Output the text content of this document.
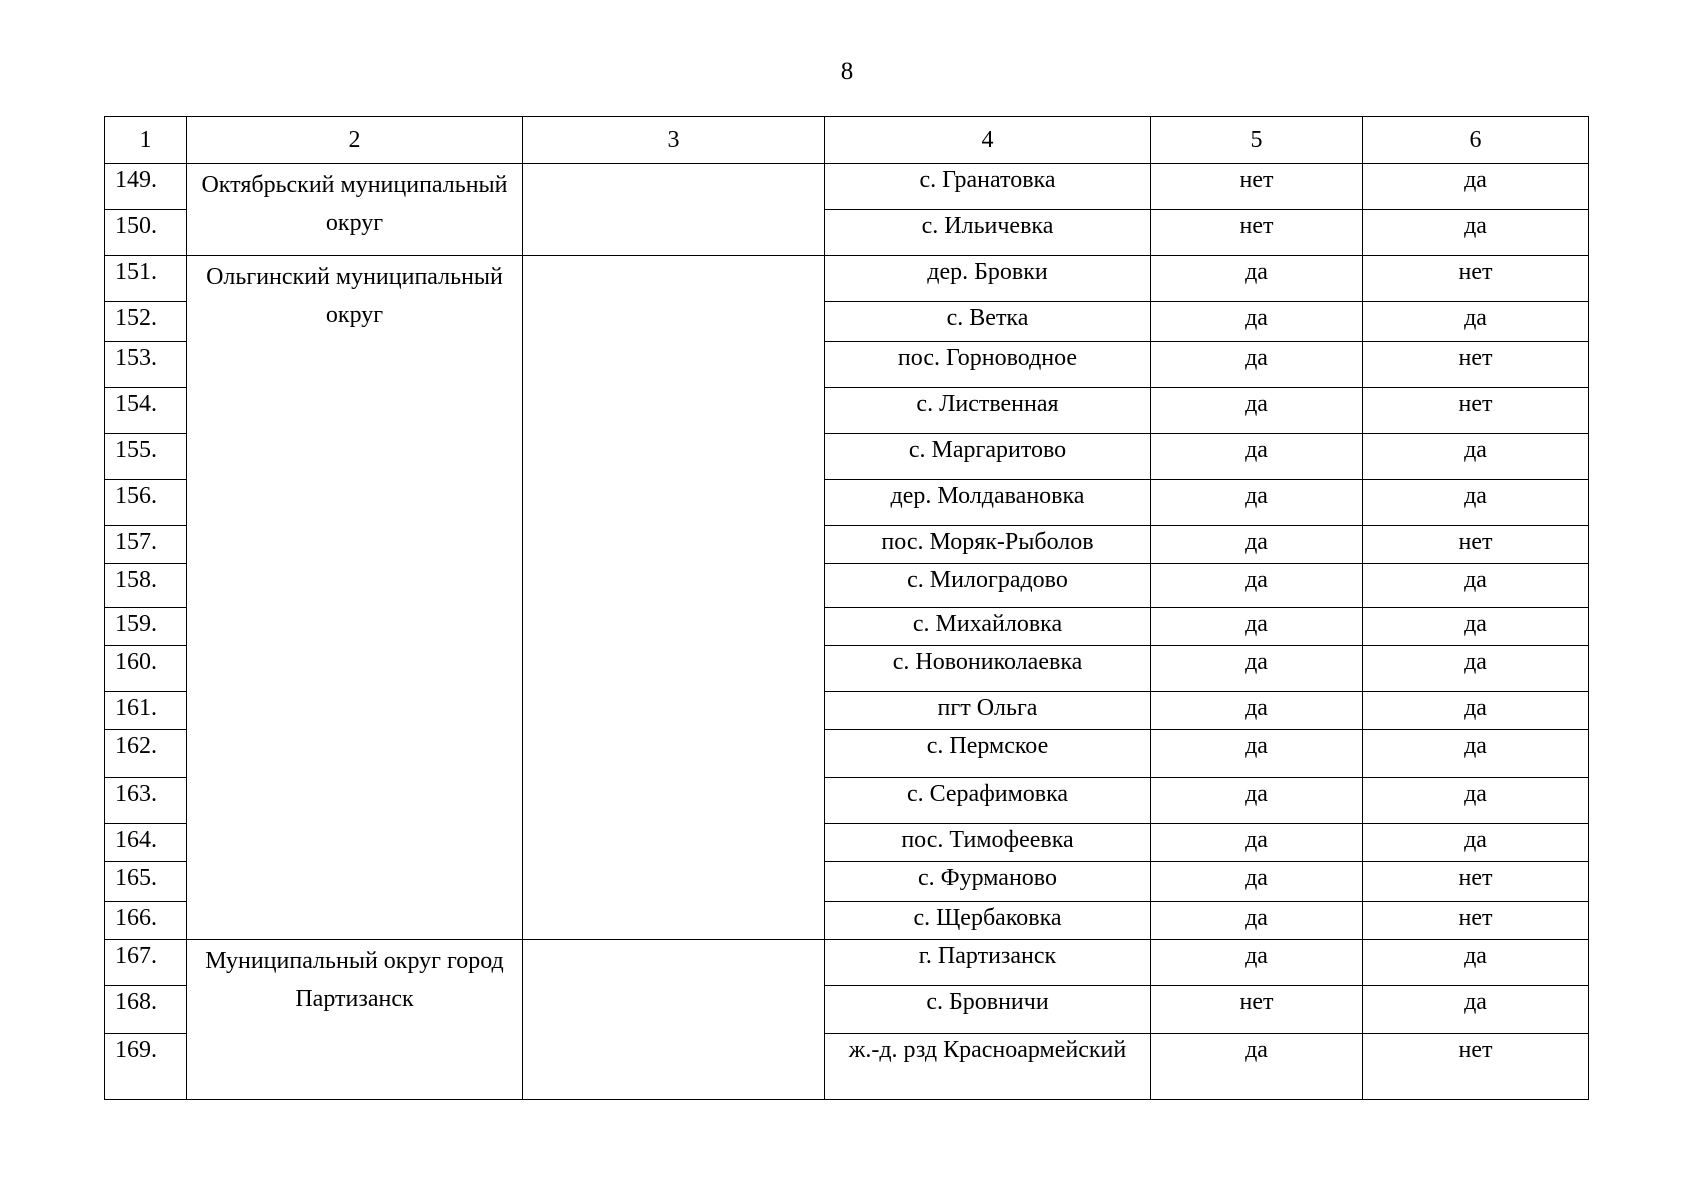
8
1	2	3	4	5	6
149.	Октябрьский муниципальный округ		с. Гранатовка	нет	да
150.			с. Ильичевка	нет	да
151.	Ольгинский муниципальный округ		дер. Бровки	да	нет
152.			с. Ветка	да	да
153.			пос. Горноводное	да	нет
154.			с. Лиственная	да	нет
155.			с. Маргаритово	да	да
156.			дер. Молдавановка	да	да
157.			пос. Моряк-Рыболов	да	нет
158.			с. Милоградово	да	да
159.			с. Михайловка	да	да
160.			с. Новониколаевка	да	да
161.			пгт Ольга	да	да
162.			с. Пермское	да	да
163.			с. Серафимовка	да	да
164.			пос. Тимофеевка	да	да
165.			с. Фурманово	да	нет
166.			с. Щербаковка	да	нет
167.	Муниципальный округ город Партизанск		г. Партизанск	да	да
168.			с. Бровничи	нет	да
169.			ж.-д. рзд Красноармейский	да	нет
